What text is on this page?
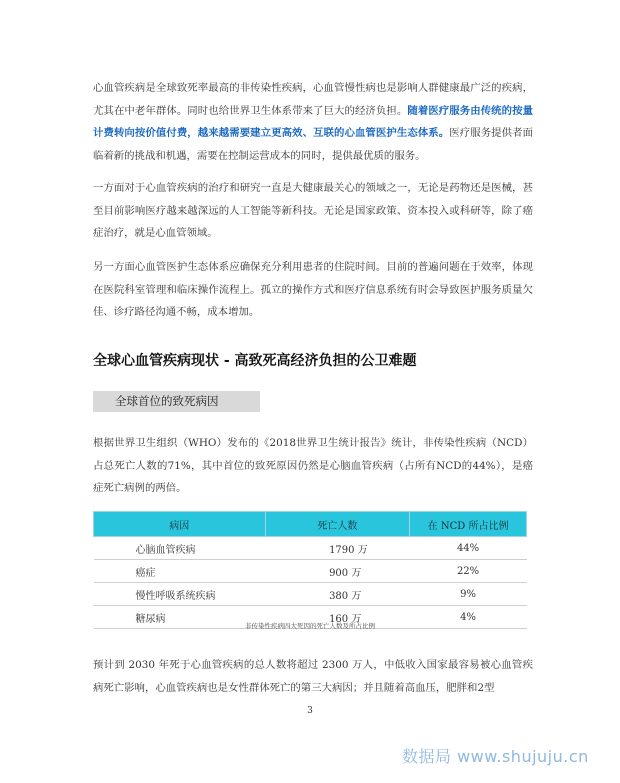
心血管疾病是全球致死率最高的非传染性疾病，心血管慢性病也是影响人群健康最广泛的疾病，尤其在中老年群体。同时也给世界卫生体系带来了巨大的经济负担。随着医疗服务由传统的按量计费转向按价值付费，越来越需要建立更高效、互联的心血管医护生态体系。医疗服务提供者面临着新的挑战和机遇，需要在控制运营成本的同时，提供最优质的服务。

一方面对于心血管疾病的治疗和研究一直是大健康最关心的领域之一，无论是药物还是医械，甚至目前影响医疗越来越深远的人工智能等新科技。无论是国家政策、资本投入或科研等，除了癌症治疗，就是心血管领域。

另一方面心血管医护生态体系应确保充分利用患者的住院时间。目前的普遍问题在于效率，体现在医院科室管理和临床操作流程上。孤立的操作方式和医疗信息系统有时会导致医护服务质量欠佳、诊疗路径沟通不畅，成本增加。

全球心血管疾病现状 - 高致死高经济负担的公卫难题
全球首位的致死病因

根据世界卫生组织（WHO）发布的《2018世界卫生统计报告》统计，非传染性疾病（NCD）占总死亡人数的71%，其中首位的致死原因仍然是心脑血管疾病（占所有NCD的44%），是癌症死亡病例的两倍。

病因	死亡人数	在 NCD 所占比例
心脑血管疾病	1790 万	44%
癌症	900 万	22%
慢性呼吸系统疾病	380 万	9%
糖尿病	160 万	4%
非传染性疾病四大死因的死亡人数及所占比例

预计到 2030 年死于心血管疾病的总人数将超过 2300 万人，中低收入国家最容易被心血管疾病死亡影响，心血管疾病也是女性群体死亡的第三大病因；并且随着高血压，肥胖和2型

3
数据局 www.shujuju.cn
